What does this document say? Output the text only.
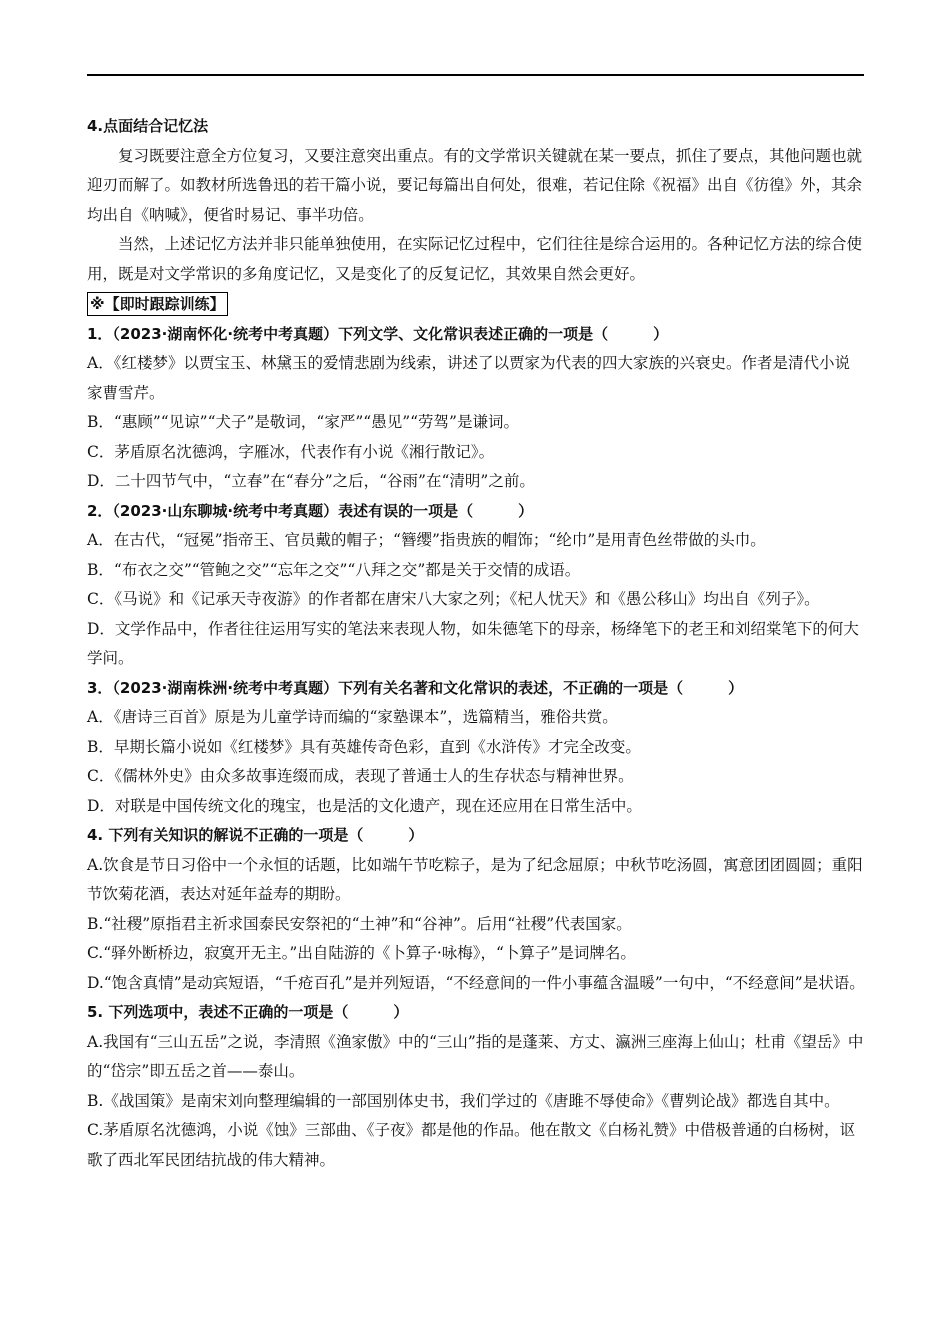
4.点面结合记忆法

复习既要注意全方位复习，又要注意突出重点。有的文学常识关键就在某一要点，抓住了要点，其他问题也就迎刃而解了。如教材所选鲁迅的若干篇小说，要记每篇出自何处，很难，若记住除《祝福》出自《彷徨》外，其余均出自《呐喊》，便省时易记、事半功倍。

当然，上述记忆方法并非只能单独使用，在实际记忆过程中，它们往往是综合运用的。各种记忆方法的综合使用，既是对文学常识的多角度记忆，又是变化了的反复记忆，其效果自然会更好。

※【即时跟踪训练】

1．（2023·湖南怀化·统考中考真题）下列文学、文化常识表述正确的一项是（　　　）

A．《红楼梦》以贾宝玉、林黛玉的爱情悲剧为线索，讲述了以贾家为代表的四大家族的兴衰史。作者是清代小说家曹雪芹。

B．“惠顾”“见谅”“犬子”是敬词，“家严”“愚见”“劳驾”是谦词。

C．茅盾原名沈德鸿，字雁冰，代表作有小说《湘行散记》。

D．二十四节气中，“立春”在“春分”之后，“谷雨”在“清明”之前。

2．（2023·山东聊城·统考中考真题）表述有误的一项是（　　　）

A．在古代，“冠冕”指帝王、官员戴的帽子；“簪缨”指贵族的帽饰；“纶巾”是用青色丝带做的头巾。

B．“布衣之交”“管鲍之交”“忘年之交”“八拜之交”都是关于交情的成语。

C．《马说》和《记承天寺夜游》的作者都在唐宋八大家之列；《杞人忧天》和《愚公移山》均出自《列子》。

D．文学作品中，作者往往运用写实的笔法来表现人物，如朱德笔下的母亲，杨绛笔下的老王和刘绍棠笔下的何大学问。

3．（2023·湖南株洲·统考中考真题）下列有关名著和文化常识的表述，不正确的一项是（　　　）

A．《唐诗三百首》原是为儿童学诗而编的“家塾课本”，选篇精当，雅俗共赏。

B．早期长篇小说如《红楼梦》具有英雄传奇色彩，直到《水浒传》才完全改变。

C．《儒林外史》由众多故事连缀而成，表现了普通士人的生存状态与精神世界。

D．对联是中国传统文化的瑰宝，也是活的文化遗产，现在还应用在日常生活中。

4. 下列有关知识的解说不正确的一项是（　　　）

A.饮食是节日习俗中一个永恒的话题，比如端午节吃粽子，是为了纪念屈原；中秋节吃汤圆，寓意团团圆圆；重阳节饮菊花酒，表达对延年益寿的期盼。

B.“社稷”原指君主祈求国泰民安祭祀的“土神”和“谷神”。后用“社稷”代表国家。

C.“驿外断桥边，寂寞开无主。”出自陆游的《卜算子·咏梅》，“卜算子”是词牌名。

D.“饱含真情”是动宾短语，“千疮百孔”是并列短语，“不经意间的一件小事蕴含温暖”一句中，“不经意间”是状语。

5. 下列选项中，表述不正确的一项是（　　　）

A.我国有“三山五岳”之说，李清照《渔家傲》中的“三山”指的是蓬莱、方丈、瀛洲三座海上仙山；杜甫《望岳》中的“岱宗”即五岳之首——泰山。

B.《战国策》是南宋刘向整理编辑的一部国别体史书，我们学过的《唐雎不辱使命》《曹刿论战》都选自其中。

C.茅盾原名沈德鸿，小说《蚀》三部曲、《子夜》都是他的作品。他在散文《白杨礼赞》中借极普通的白杨树，讴歌了西北军民团结抗战的伟大精神。
